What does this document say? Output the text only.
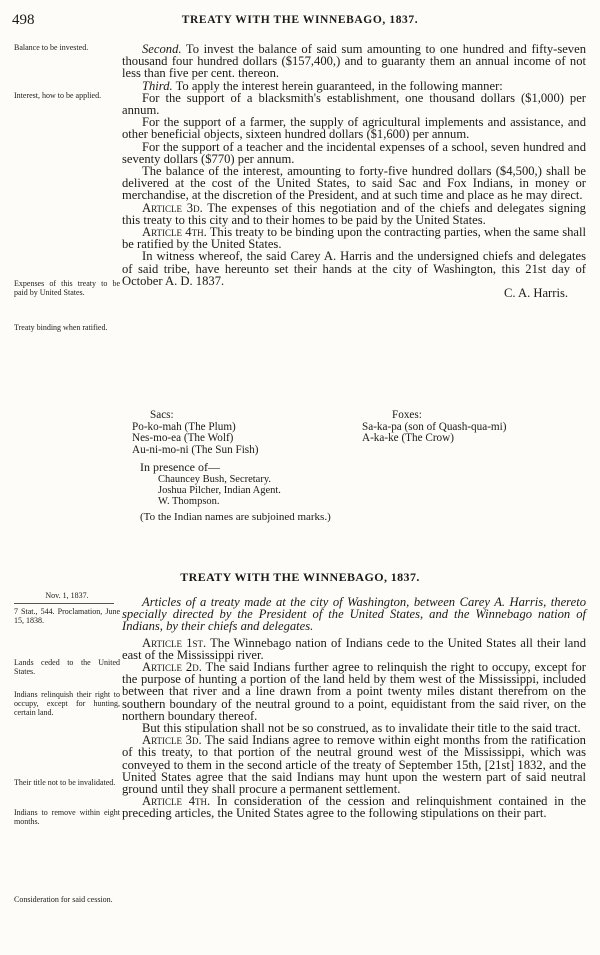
498	TREATY WITH THE WINNEBAGO, 1837.
Balance to be invested.
Interest, how to be applied.
Expenses of this treaty to be paid by United States.
Treaty binding when ratified.
Nov. 1, 1837.
7 Stat., 544. Proclamation, June 15, 1838.
Lands ceded to the United States.
Indians relinquish their right to occupy, except for hunting, certain land.
Their title not to be invalidated.
Indians to remove within eight months.
Consideration for said cession.

Second. To invest the balance of said sum amounting to one hundred and fifty-seven thousand four hundred dollars ($157,400,) and to guaranty them an annual income of not less than five per cent. thereon.

Third. To apply the interest herein guaranteed, in the following manner:

For the support of a blacksmith's establishment, one thousand dollars ($1,000) per annum.

For the support of a farmer, the supply of agricultural implements and assistance, and other beneficial objects, sixteen hundred dollars ($1,600) per annum.

For the support of a teacher and the incidental expenses of a school, seven hundred and seventy dollars ($770) per annum.

The balance of the interest, amounting to forty-five hundred dollars ($4,500,) shall be delivered at the cost of the United States, to said Sac and Fox Indians, in money or merchandise, at the discretion of the President, and at such time and place as he may direct.

Article 3d. The expenses of this negotiation and of the chiefs and delegates signing this treaty to this city and to their homes to be paid by the United States.

Article 4th. This treaty to be binding upon the contracting parties, when the same shall be ratified by the United States.

In witness whereof, the said Carey A. Harris and the undersigned chiefs and delegates of said tribe, have hereunto set their hands at the city of Washington, this 21st day of October A. D. 1837.

C. A. Harris.

Sacs:
Po-ko-mah (The Plum)
Nes-mo-ea (The Wolf)
Au-ni-mo-ni (The Sun Fish)
Foxes:
Sa-ka-pa (son of Quash-qua-mi)
A-ka-ke (The Crow)
In presence of—
Chauncey Bush, Secretary.
Joshua Pilcher, Indian Agent.
W. Thompson.
(To the Indian names are subjoined marks.)
TREATY WITH THE WINNEBAGO, 1837.

Articles of a treaty made at the city of Washington, between Carey A. Harris, thereto specially directed by the President of the United States, and the Winnebago nation of Indians, by their chiefs and delegates.

Article 1st. The Winnebago nation of Indians cede to the United States all their land east of the Mississippi river.

Article 2d. The said Indians further agree to relinquish the right to occupy, except for the purpose of hunting a portion of the land held by them west of the Mississippi, included between that river and a line drawn from a point twenty miles distant therefrom on the southern boundary of the neutral ground to a point, equidistant from the said river, on the northern boundary thereof.

But this stipulation shall not be so construed, as to invalidate their title to the said tract.

Article 3d. The said Indians agree to remove within eight months from the ratification of this treaty, to that portion of the neutral ground west of the Mississippi, which was conveyed to them in the second article of the treaty of September 15th, [21st] 1832, and the United States agree that the said Indians may hunt upon the western part of said neutral ground until they shall procure a permanent settlement.

Article 4th. In consideration of the cession and relinquishment contained in the preceding articles, the United States agree to the following stipulations on their part.
